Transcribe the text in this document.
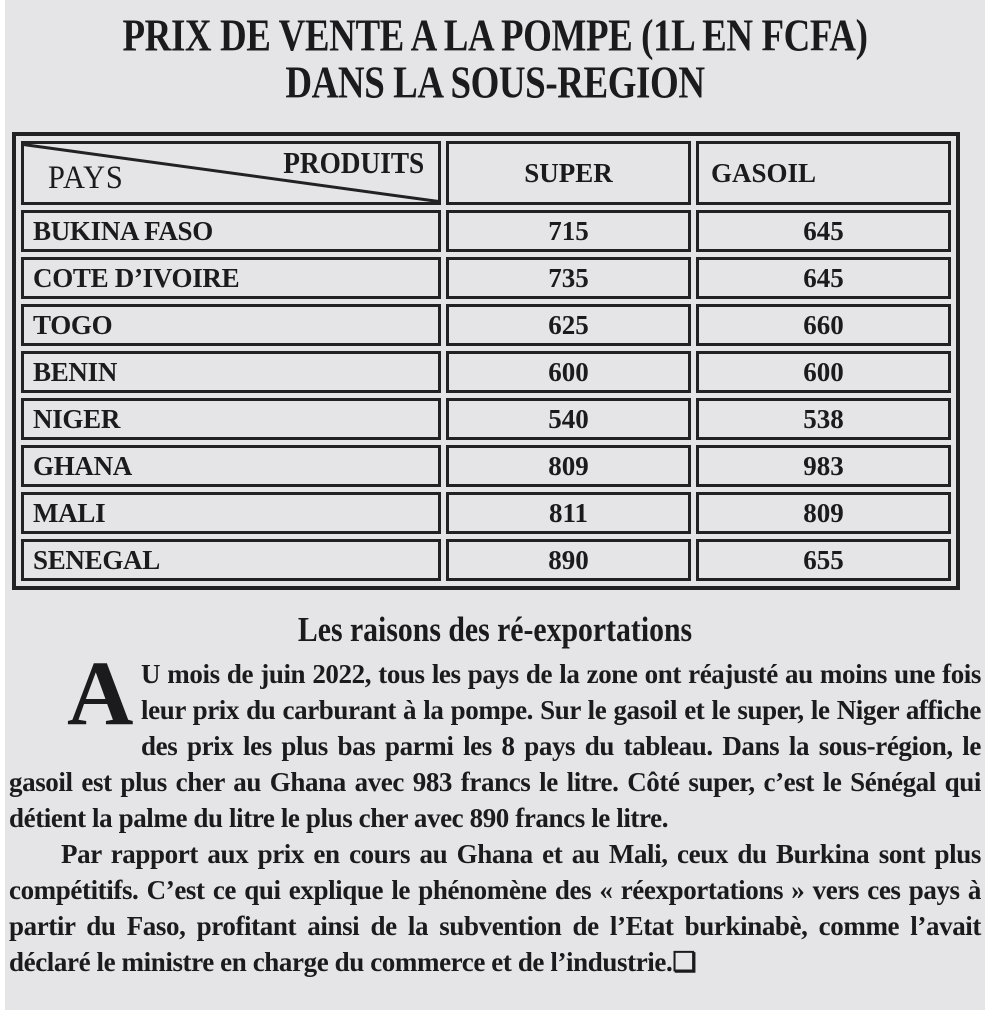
PRIX DE VENTE A LA POMPE (1L EN FCFA)
DANS LA SOUS-REGION
PRODUITS
PAYS	SUPER	GASOIL
BUKINA FASO	715	645
COTE D’IVOIRE	735	645
TOGO	625	660
BENIN	600	600
NIGER	540	538
GHANA	809	983
MALI	811	809
SENEGAL	890	655
Les raisons des ré-exportations

A U mois de juin 2022, tous les pays de la zone ont réajusté au moins une fois leur prix du carburant à la pompe. Sur le gasoil et le super, le Niger affiche des prix les plus bas parmi les 8 pays du tableau. Dans la sous-région, le gasoil est plus cher au Ghana avec 983 francs le litre. Côté super, c’est le Sénégal qui détient la palme du litre le plus cher avec 890 francs le litre.

Par rapport aux prix en cours au Ghana et au Mali, ceux du Burkina sont plus compétitifs. C’est ce qui explique le phénomène des « réexportations » vers ces pays à partir du Faso, profitant ainsi de la subvention de l’Etat burkinabè, comme l’avait déclaré le ministre en charge du commerce et de l’industrie.❏
